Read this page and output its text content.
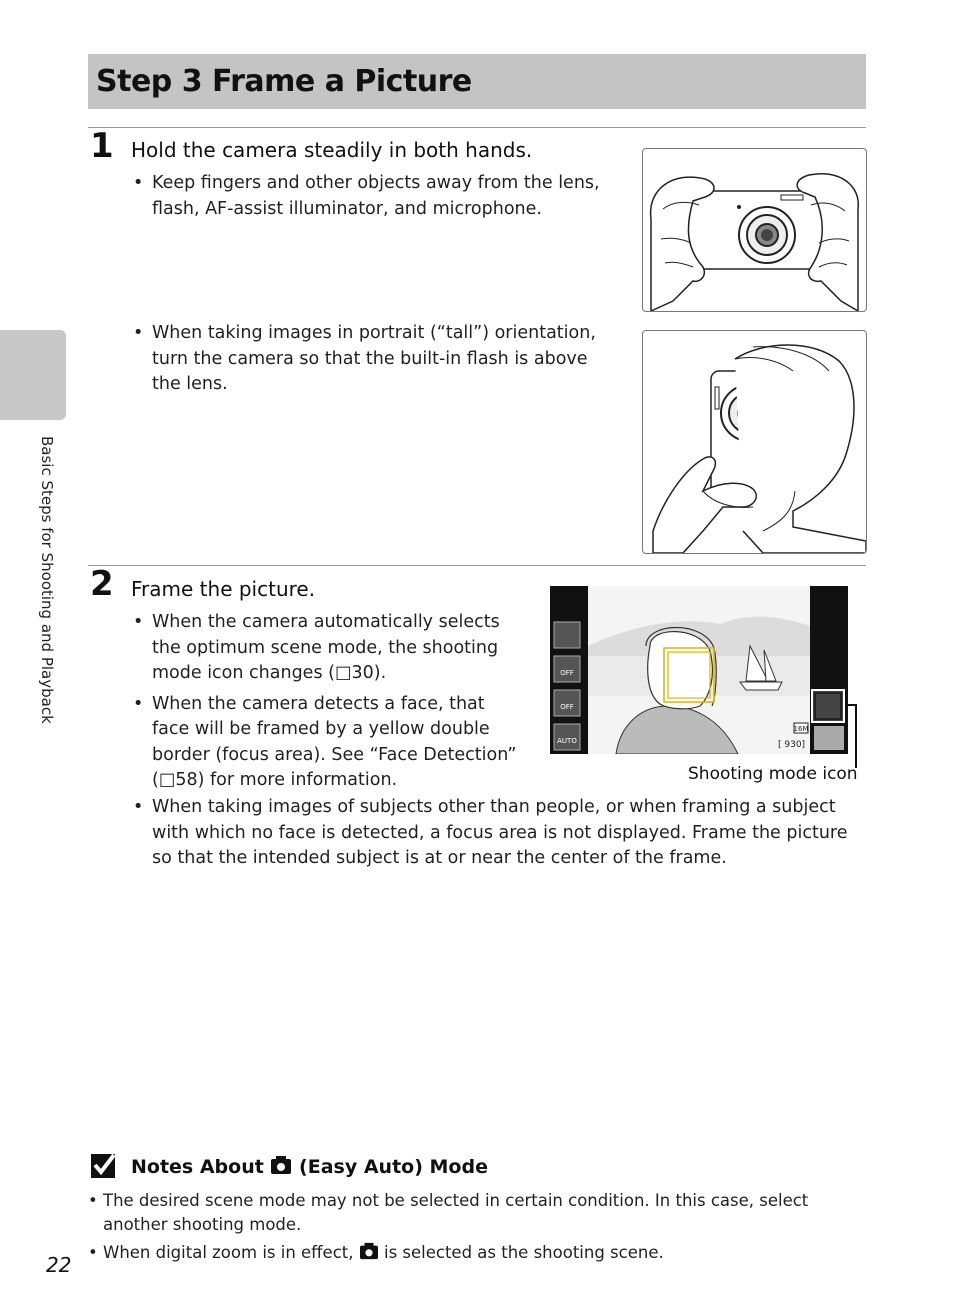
Step 3 Frame a Picture
Basic Steps for Shooting and Playback
1 Hold the camera steadily in both hands.
• Keep fingers and other objects away from the lens, flash, AF-assist illuminator, and microphone.
• When taking images in portrait (“tall”) orientation, turn the camera so that the built-in flash is above the lens.
2 Frame the picture.
• When the camera automatically selects the optimum scene mode, the shooting mode icon changes (□30).
• When the camera detects a face, that face will be framed by a yellow double border (focus area). See “Face Detection” (□58) for more information.
• When taking images of subjects other than people, or when framing a subject with which no face is detected, a focus area is not displayed. Frame the picture so that the intended subject is at or near the center of the frame.
OFF
OFF
AUTO
16M
[ 930]
Shooting mode icon
Notes About  (Easy Auto) Mode
• The desired scene mode may not be selected in certain condition. In this case, select another shooting mode.
• When digital zoom is in effect,  is selected as the shooting scene.
22
